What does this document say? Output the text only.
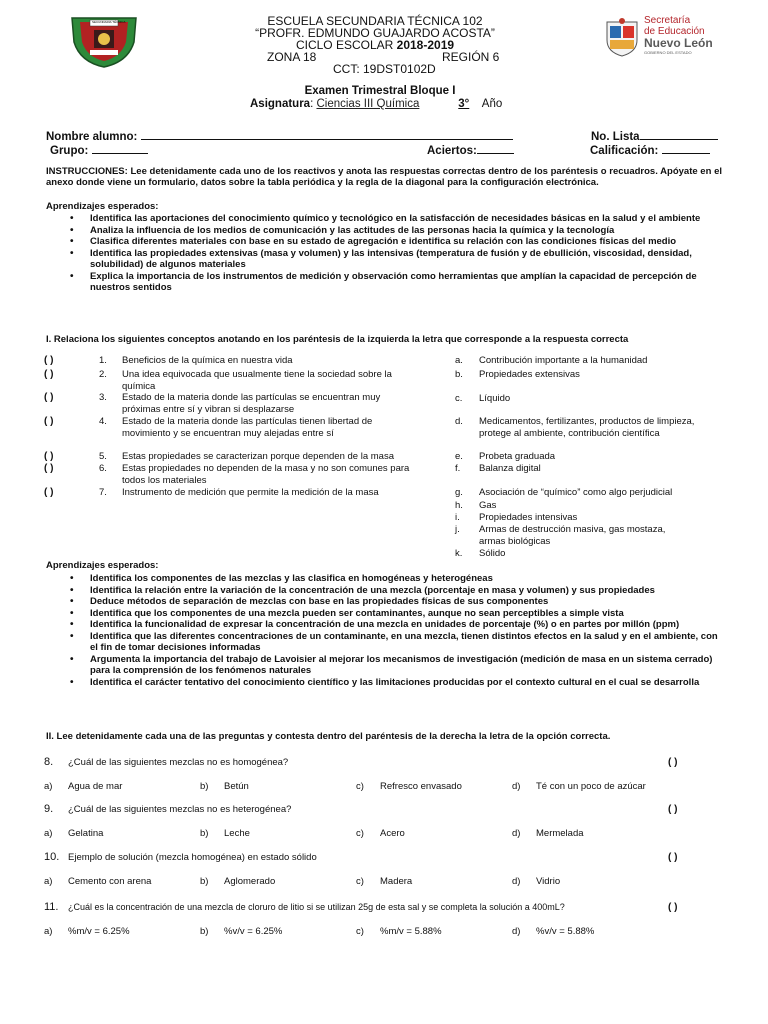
SECUNDARIA TÉCNICA	ESCUELA SECUNDARIA TÉCNICA 102
“PROFR. EDMUNDO GUAJARDO ACOSTA”
CICLO ESCOLAR 2018-2019
ZONA 18	REGIÓN 6
CCT: 19DST0102D
Secretaría
de Educación
Nuevo León
GOBIERNO DEL ESTADO
Examen Trimestral Bloque I
Asignatura: Ciencias III Química	3° Año
Nombre alumno:	No. Lista
Grupo:	Aciertos:	Calificación:
INSTRUCCIONES: Lee detenidamente cada uno de los reactivos y anota las respuestas correctas dentro de los paréntesis o recuadros. Apóyate en el anexo donde viene un formulario, datos sobre la tabla periódica y la regla de la diagonal para la configuración electrónica.
Aprendizajes esperados:
• Identifica las aportaciones del conocimiento químico y tecnológico en la satisfacción de necesidades básicas en la salud y el ambiente
• Analiza la influencia de los medios de comunicación y las actitudes de las personas hacia la química y la tecnología
• Clasifica diferentes materiales con base en su estado de agregación e identifica su relación con las condiciones físicas del medio
• Identifica las propiedades extensivas (masa y volumen) y las intensivas (temperatura de fusión y de ebullición, viscosidad, densidad, solubilidad) de algunos materiales
• Explica la importancia de los instrumentos de medición y observación como herramientas que amplían la capacidad de percepción de nuestros sentidos
I. Relaciona los siguientes conceptos anotando en los paréntesis de la izquierda la letra que corresponde a la respuesta correcta
( )	1. Beneficios de la química en nuestra vida
( )	2. Una idea equivocada que usualmente tiene la sociedad sobre la química
( )	3. Estado de la materia donde las partículas se encuentran muy próximas entre sí y vibran si desplazarse
( )	4. Estado de la materia donde las partículas tienen libertad de movimiento y se encuentran muy alejadas entre sí
( )	5. Estas propiedades se caracterizan porque dependen de la masa
( )	6. Estas propiedades no dependen de la masa y no son comunes para todos los materiales
( )	7. Instrumento de medición que permite la medición de la masa
a. Contribución importante a la humanidad
b. Propiedades extensivas
c. Líquido
d. Medicamentos, fertilizantes, productos de limpieza, protege al ambiente, contribución científica
e. Probeta graduada
f. Balanza digital
g. Asociación de “químico” como algo perjudicial
h. Gas
i. Propiedades intensivas
j. Armas de destrucción masiva, gas mostaza, armas biológicas
k. Sólido
Aprendizajes esperados:
• Identifica los componentes de las mezclas y las clasifica en homogéneas y heterogéneas
• Identifica la relación entre la variación de la concentración de una mezcla (porcentaje en masa y volumen) y sus propiedades
• Deduce métodos de separación de mezclas con base en las propiedades físicas de sus componentes
• Identifica que los componentes de una mezcla pueden ser contaminantes, aunque no sean perceptibles a simple vista
• Identifica la funcionalidad de expresar la concentración de una mezcla en unidades de porcentaje (%) o en partes por millón (ppm)
• Identifica que las diferentes concentraciones de un contaminante, en una mezcla, tienen distintos efectos en la salud y en el ambiente, con el fin de tomar decisiones informadas
• Argumenta la importancia del trabajo de Lavoisier al mejorar los mecanismos de investigación (medición de masa en un sistema cerrado) para la comprensión de los fenómenos naturales
• Identifica el carácter tentativo del conocimiento científico y las limitaciones producidas por el contexto cultural en el cual se desarrolla
II. Lee detenidamente cada una de las preguntas y contesta dentro del paréntesis de la derecha la letra de la opción correcta.
8. ¿Cuál de las siguientes mezclas no es homogénea?	( )
a) Agua de mar	b) Betún	c) Refresco envasado	d) Té con un poco de azúcar
9. ¿Cuál de las siguientes mezclas no es heterogénea?	( )
a) Gelatina	b) Leche	c) Acero	d) Mermelada
10. Ejemplo de solución (mezcla homogénea) en estado sólido	( )
a) Cemento con arena	b) Aglomerado	c) Madera	d) Vidrio
11. ¿Cuál es la concentración de una mezcla de cloruro de litio si se utilizan 25g de esta sal y se completa la solución a 400mL?	( )
a) %m/v = 6.25%	b) %v/v = 6.25%	c) %m/v = 5.88%	d) %v/v = 5.88%
